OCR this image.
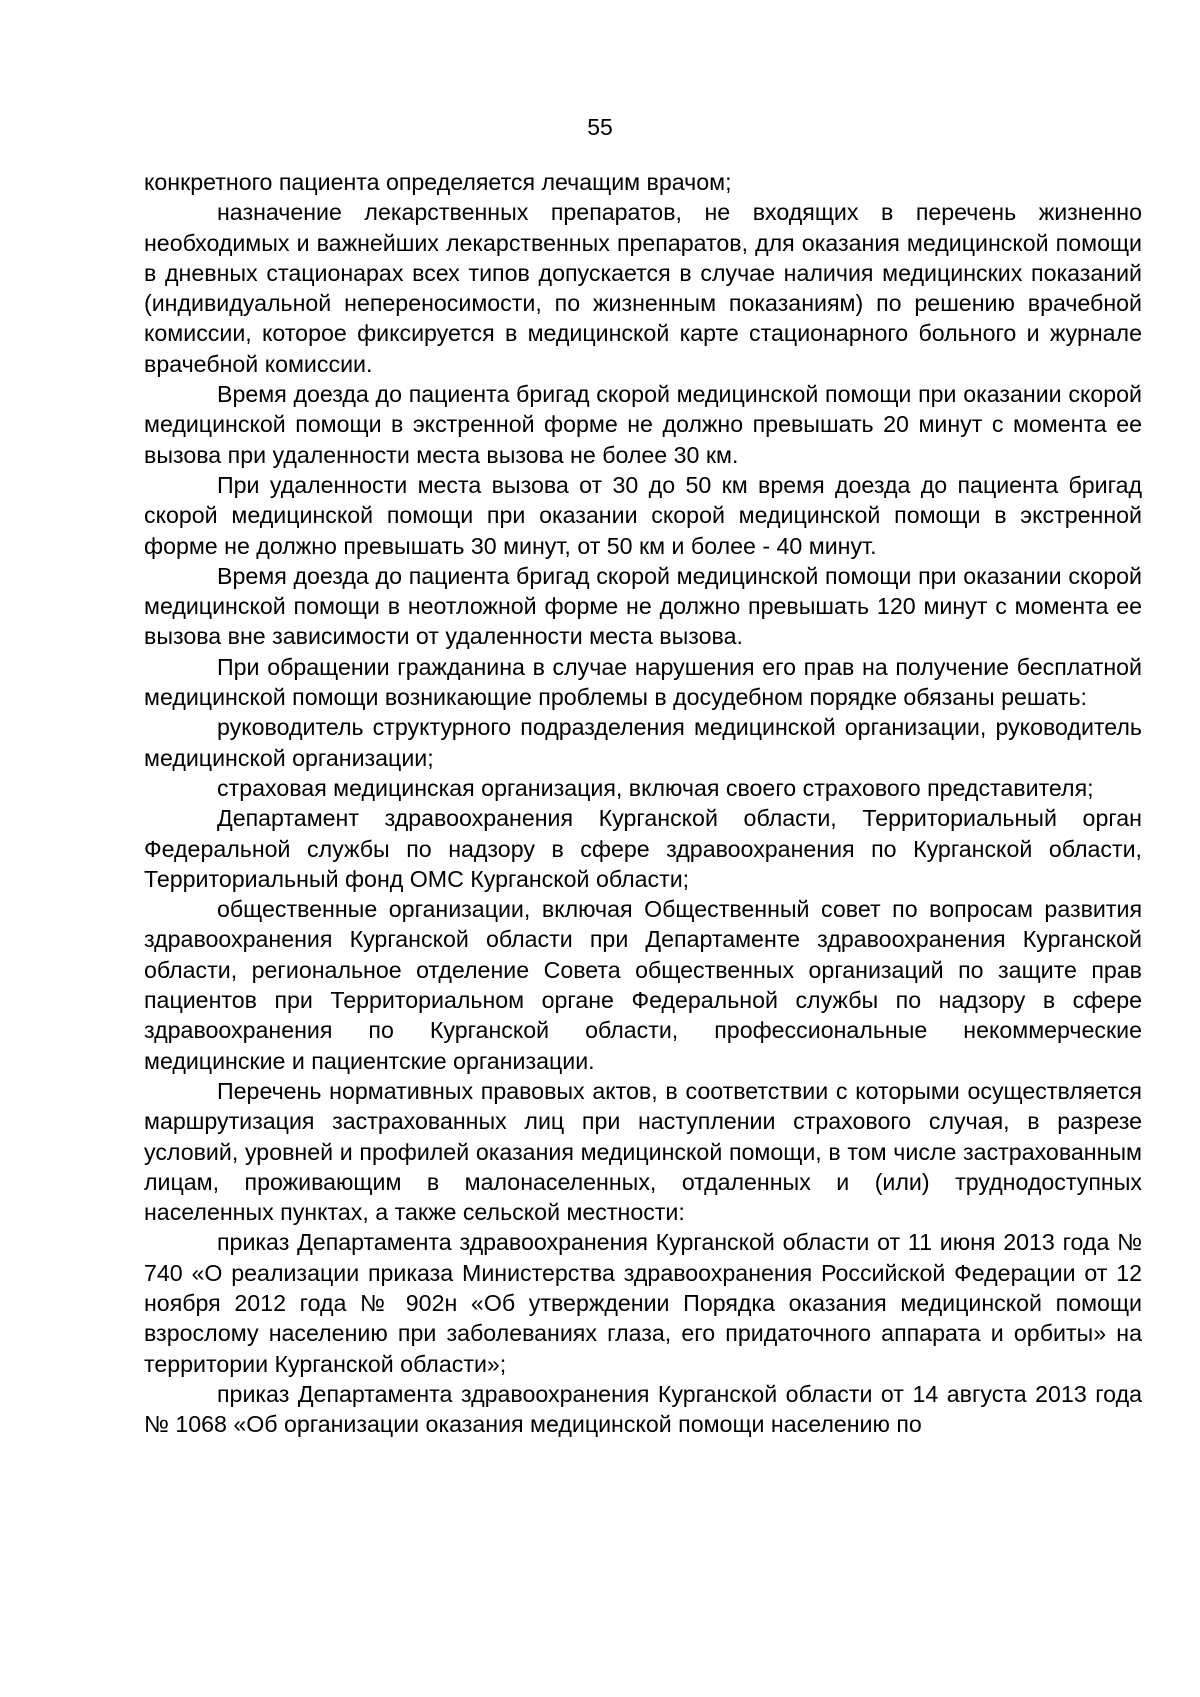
55

конкретного пациента определяется лечащим врачом;

назначение лекарственных препаратов, не входящих в перечень жизненно необходимых и важнейших лекарственных препаратов, для оказания медицинской помощи в дневных стационарах всех типов допускается в случае наличия медицинских показаний (индивидуальной непереносимости, по жизненным показаниям) по решению врачебной комиссии, которое фиксируется в медицинской карте стационарного больного и журнале врачебной комиссии.

Время доезда до пациента бригад скорой медицинской помощи при оказании скорой медицинской помощи в экстренной форме не должно превышать 20 минут с момента ее вызова при удаленности места вызова не более 30 км.

При удаленности места вызова от 30 до 50 км время доезда до пациента бригад скорой медицинской помощи при оказании скорой медицинской помощи в экстренной форме не должно превышать 30 минут, от 50 км и более - 40 минут.

Время доезда до пациента бригад скорой медицинской помощи при оказании скорой медицинской помощи в неотложной форме не должно превышать 120 минут с момента ее вызова вне зависимости от удаленности места вызова.

При обращении гражданина в случае нарушения его прав на получение бесплатной медицинской помощи возникающие проблемы в досудебном порядке обязаны решать:

руководитель структурного подразделения медицинской организации, руководитель медицинской организации;

страховая медицинская организация, включая своего страхового представителя;

Департамент здравоохранения Курганской области, Территориальный орган Федеральной службы по надзору в сфере здравоохранения по Курганской области, Территориальный фонд ОМС Курганской области;

общественные организации, включая Общественный совет по вопросам развития здравоохранения Курганской области при Департаменте здравоохранения Курганской области, региональное отделение Совета общественных организаций по защите прав пациентов при Территориальном органе Федеральной службы по надзору в сфере здравоохранения по Курганской области, профессиональные некоммерческие медицинские и пациентские организации.

Перечень нормативных правовых актов, в соответствии с которыми осуществляется маршрутизация застрахованных лиц при наступлении страхового случая, в разрезе условий, уровней и профилей оказания медицинской помощи, в том числе застрахованным лицам, проживающим в малонаселенных, отдаленных и (или) труднодоступных населенных пунктах, а также сельской местности:

приказ Департамента здравоохранения Курганской области от 11 июня 2013 года № 740 «О реализации приказа Министерства здравоохранения Российской Федерации от 12 ноября 2012 года № 902н «Об утверждении Порядка оказания медицинской помощи взрослому населению при заболеваниях глаза, его придаточного аппарата и орбиты» на территории Курганской области»;

приказ Департамента здравоохранения Курганской области от 14 августа 2013 года № 1068 «Об организации оказания медицинской помощи населению по
